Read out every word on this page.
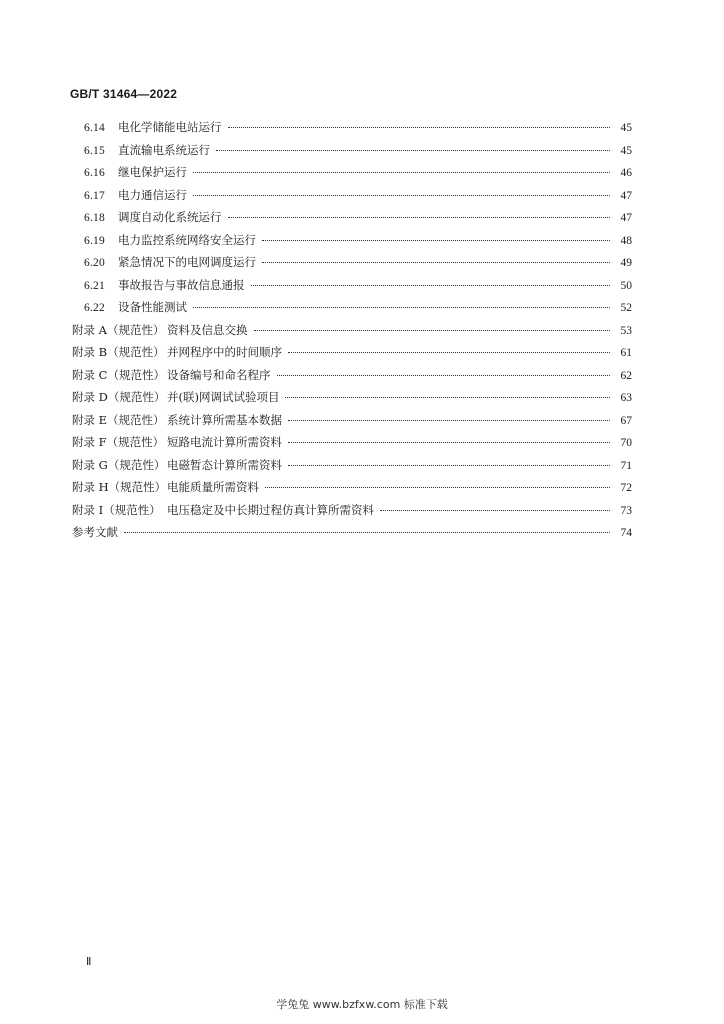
GB/T 31464—2022
6.14	电化学储能电站运行	45
6.15	直流输电系统运行	45
6.16	继电保护运行	46
6.17	电力通信运行	47
6.18	调度自动化系统运行	47
6.19	电力监控系统网络安全运行	48
6.20	紧急情况下的电网调度运行	49
6.21	事故报告与事故信息通报	50
6.22	设备性能测试	52
附录 A（规范性） 资料及信息交换	53
附录 B（规范性） 并网程序中的时间顺序	61
附录 C（规范性） 设备编号和命名程序	62
附录 D（规范性） 并(联)网调试试验项目	63
附录 E（规范性） 系统计算所需基本数据	67
附录 F（规范性） 短路电流计算所需资料	70
附录 G（规范性） 电磁暂态计算所需资料	71
附录 H（规范性） 电能质量所需资料	72
附录 I（规范性） 电压稳定及中长期过程仿真计算所需资料	73
参考文献	74
Ⅱ
学兔兔 www.bzfxw.com 标准下载
